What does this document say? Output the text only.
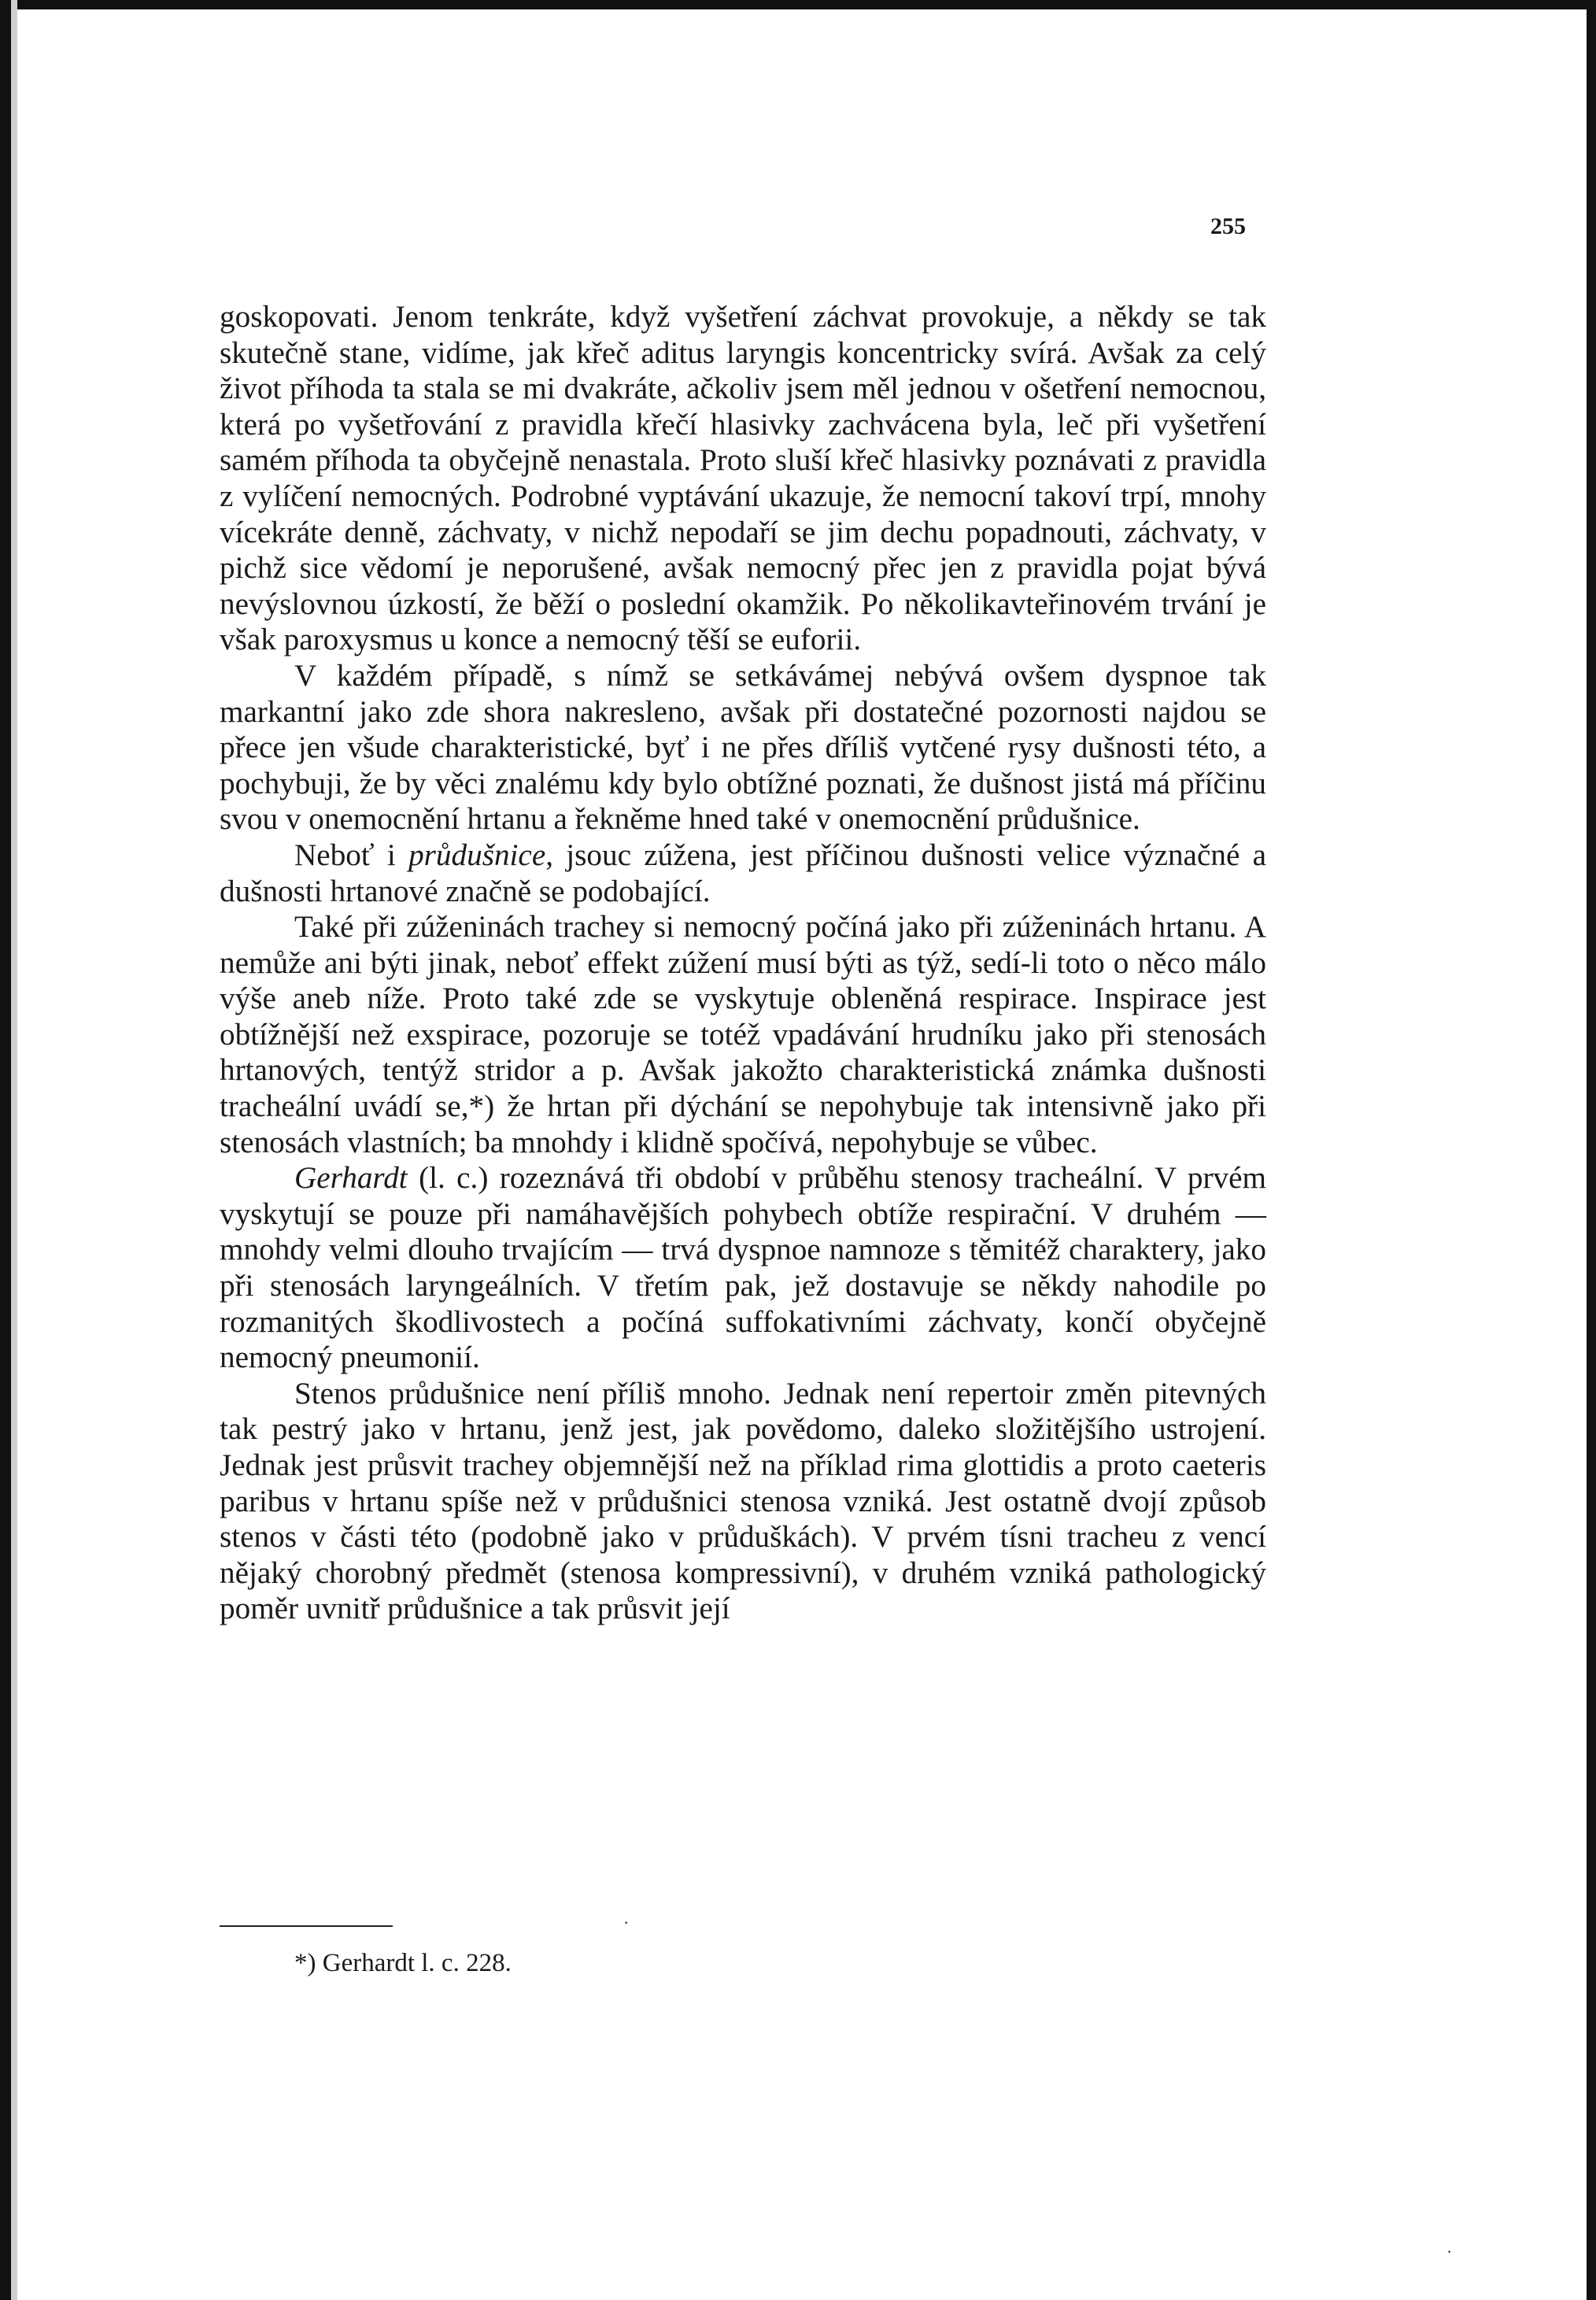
255

goskopovati. Jenom tenkráte, když vyšetření záchvat provokuje, a někdy se tak skutečně stane, vidíme, jak křeč aditus laryngis koncentricky svírá. Avšak za celý život příhoda ta stala se mi dvakráte, ačkoliv jsem měl jednou v ošetření nemocnou, která po vyšetřování z pravidla křečí hlasivky zachvácena byla, leč při vyšetření samém příhoda ta obyčejně nenastala. Proto sluší křeč hlasivky poznávati z pravidla z vylíčení nemocných. Podrobné vyptávání ukazuje, že nemocní takoví trpí, mnohy vícekráte denně, záchvaty, v nichž nepodaří se jim dechu popadnouti, záchvaty, v pichž sice vědomí je neporušené, avšak nemocný přec jen z pravidla pojat bývá nevýslovnou úzkostí, že běží o poslední okamžik. Po několikavteřinovém trvání je však paroxysmus u konce a nemocný těší se euforii.

V každém případě, s nímž se setkávámej nebývá ovšem dyspnoe tak markantní jako zde shora nakresleno, avšak při dostatečné pozornosti najdou se přece jen všude charakteristické, byť i ne přes dříliš vytčené rysy dušnosti této, a pochybuji, že by věci znalému kdy bylo obtížné poznati, že dušnost jistá má příčinu svou v onemocnění hrtanu a řekněme hned také v onemocnění průdušnice.

Neboť i průdušnice, jsouc zúžena, jest příčinou dušnosti velice význačné a dušnosti hrtanové značně se podobající.

Také při zúženinách trachey si nemocný počíná jako při zúženinách hrtanu. A nemůže ani býti jinak, neboť effekt zúžení musí býti as týž, sedí-li toto o něco málo výše aneb níže. Proto také zde se vyskytuje obleněná respirace. Inspirace jest obtížnější než exspirace, pozoruje se totéž vpadávání hrudníku jako při stenosách hrtanových, tentýž stridor a p. Avšak jakožto charakteristická známka dušnosti tracheální uvádí se,*) že hrtan při dýchání se nepohybuje tak intensivně jako při stenosách vlastních; ba mnohdy i klidně spočívá, nepohybuje se vůbec.

Gerhardt (l. c.) rozeznává tři období v průběhu stenosy tracheální. V prvém vyskytují se pouze při namáhavějších pohybech obtíže respirační. V druhém — mnohdy velmi dlouho trvajícím — trvá dyspnoe namnoze s těmitéž charaktery, jako při stenosách laryngeálních. V třetím pak, jež dostavuje se někdy nahodile po rozmanitých škodlivostech a počíná suffokativními záchvaty, končí obyčejně nemocný pneumonií.

Stenos průdušnice není příliš mnoho. Jednak není repertoir změn pitevných tak pestrý jako v hrtanu, jenž jest, jak povědomo, daleko složitějšího ustrojení. Jednak jest průsvit trachey objemnější než na příklad rima glottidis a proto caeteris paribus v hrtanu spíše než v průdušnici stenosa vzniká. Jest ostatně dvojí způsob stenos v části této (podobně jako v průduškách). V prvém tísni tracheu z vencí nějaký chorobný předmět (stenosa kompressivní), v druhém vzniká pathologický poměr uvnitř průdušnice a tak průsvit její

*) Gerhardt l. c. 228.
·
·
